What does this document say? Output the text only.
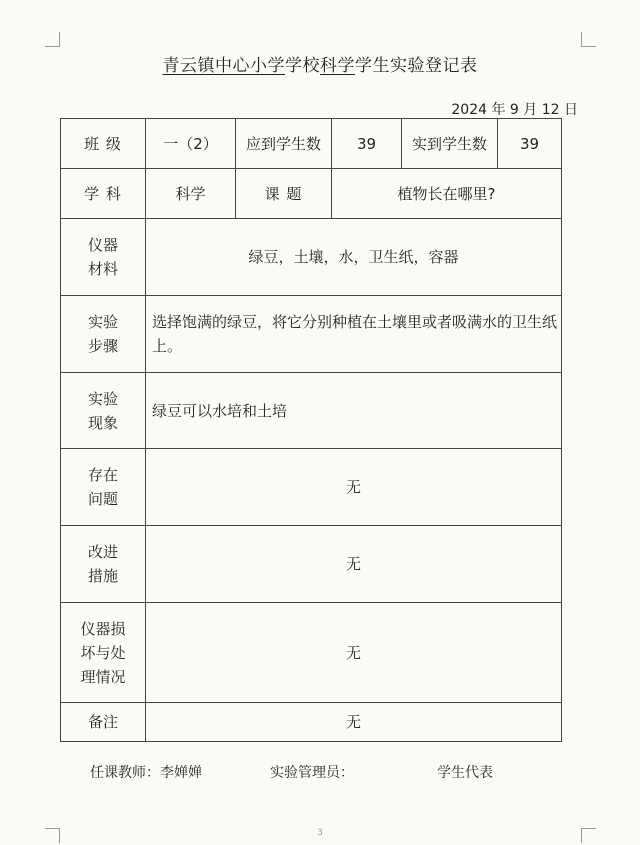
青云镇中心小学学校科学学生实验登记表
2024 年 9 月 12 日
班 级	一（2）	应到学生数	39	实到学生数	39
学 科	科学	课 题	植物长在哪里?		
仪器
材料	绿豆，土壤，水，卫生纸，容器				
实验
步骤	选择饱满的绿豆，将它分别种植在土壤里或者吸满水的卫生纸上。				
实验
现象	绿豆可以水培和土培				
存在
问题	无				
改进
措施	无				
仪器损
坏与处
理情况	无				
备注	无				
任课教师：李婵婵	实验管理员：	学生代表
3
